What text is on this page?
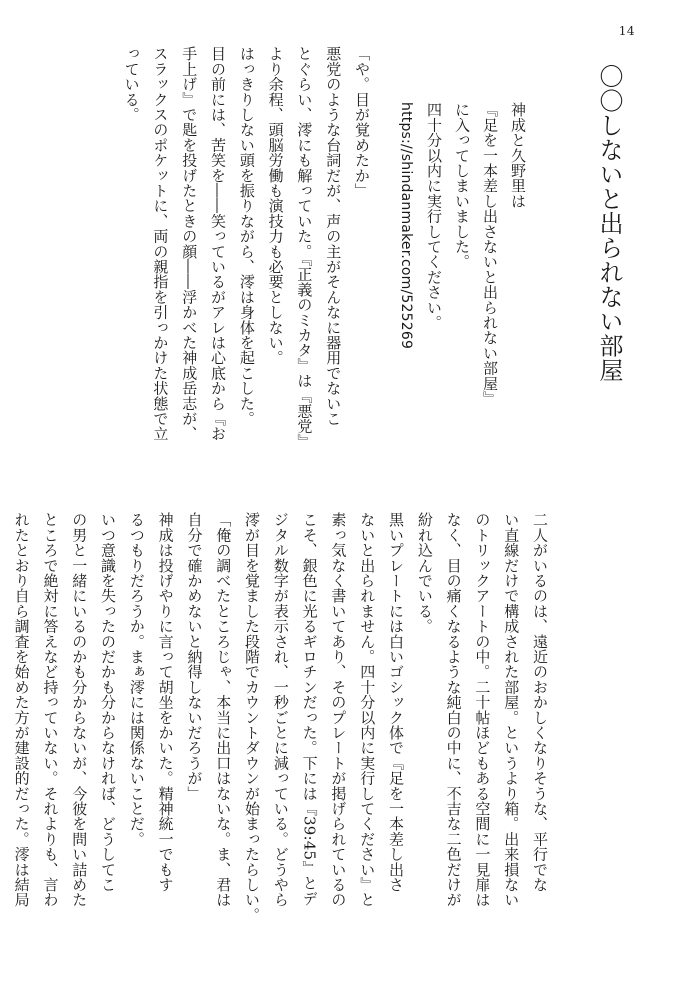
14
〇〇しないと出られない部屋
神成と久野里は
『足を一本差し出さないと出られない部屋』
に入ってしまいました。
四十分以内に実行してください。
https://shindanmaker.com/525269
「や。目が覚めたか」
悪党のような台詞だが、声の主がそんなに器用でないこ
とぐらい、澪にも解っていた。『正義のミカタ』は『悪党』
より余程、頭脳労働も演技力も必要としない。
はっきりしない頭を振りながら、澪は身体を起こした。
目の前には、苦笑を――笑っているがアレは心底から『お
手上げ』で匙を投げたときの顔――浮かべた神成岳志が、
スラックスのポケットに、両の親指を引っかけた状態で立
っている。
二人がいるのは、遠近のおかしくなりそうな、平行でな
い直線だけで構成された部屋。というより箱。出来損ない
のトリックアートの中。二十帖ほどもある空間に一見扉は
なく、目の痛くなるような純白の中に、不吉な二色だけが
紛れ込んでいる。
黒いプレートには白いゴシック体で『足を一本差し出さ
ないと出られません。四十分以内に実行してください』と
素っ気なく書いてあり、そのプレートが掲げられているの
こそ、銀色に光るギロチンだった。下には『39:45』とデ
ジタル数字が表示され、一秒ごとに減っている。どうやら
澪が目を覚ました段階でカウントダウンが始まったらしい。
「俺の調べたところじゃ、本当に出口はないな。ま、君は
自分で確かめないと納得しないだろうが」
神成は投げやりに言って胡坐をかいた。精神統一でもす
るつもりだろうか。まぁ澪には関係ないことだ。
いつ意識を失ったのだかも分からなければ、どうしてこ
の男と一緒にいるのかも分からないが、今彼を問い詰めた
ところで絶対に答えなど持っていない。それよりも、言わ
れたとおり自ら調査を始めた方が建設的だった。澪は結局
